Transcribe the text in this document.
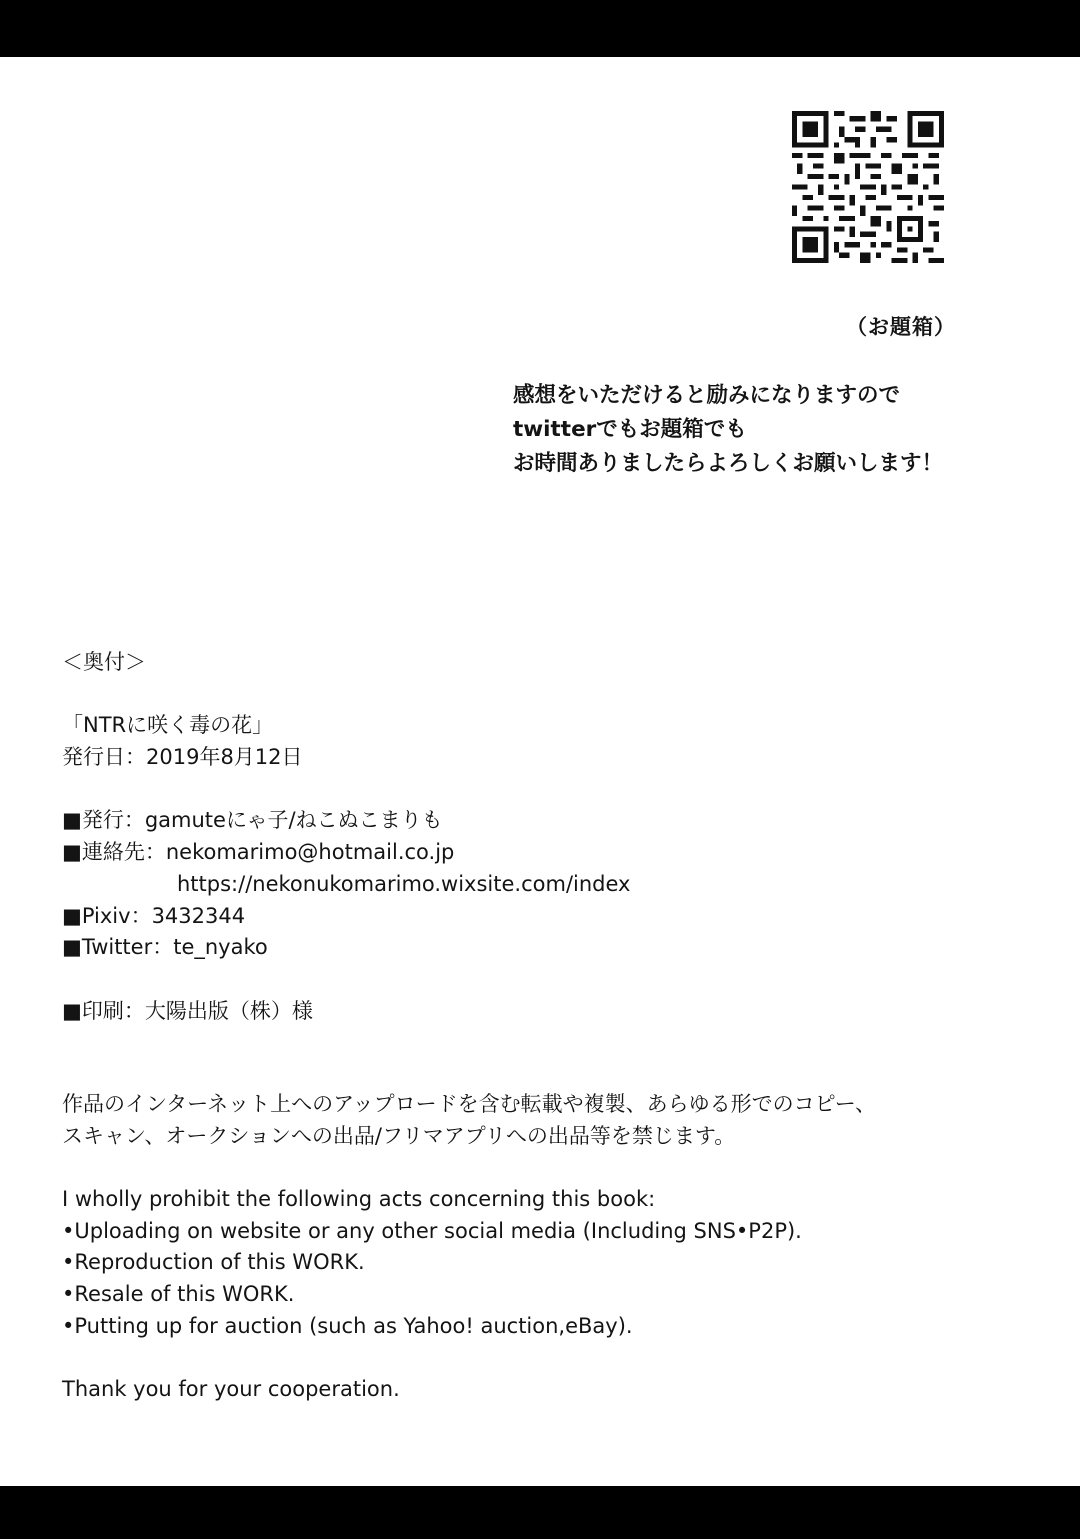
（お題箱）
感想をいただけると励みになりますので
twitterでもお題箱でも
お時間ありましたらよろしくお願いします！
＜奥付＞
「NTRに咲く毒の花」
発行日：2019年8月12日
■発行：gamuteにゃ子/ねこぬこまりも
■連絡先：nekomarimo@hotmail.co.jp
https://nekonukomarimo.wixsite.com/index
■Pixiv：3432344
■Twitter：te_nyako
■印刷：大陽出版（株）様
作品のインターネット上へのアップロードを含む転載や複製、あらゆる形でのコピー、
スキャン、オークションへの出品/フリマアプリへの出品等を禁じます。
I wholly prohibit the following acts concerning this book:
• Uploading on website or any other social media (Including SNS•P2P).
• Reproduction of this WORK.
• Resale of this WORK.
• Putting up for auction (such as Yahoo! auction,eBay).
Thank you for your cooperation.
